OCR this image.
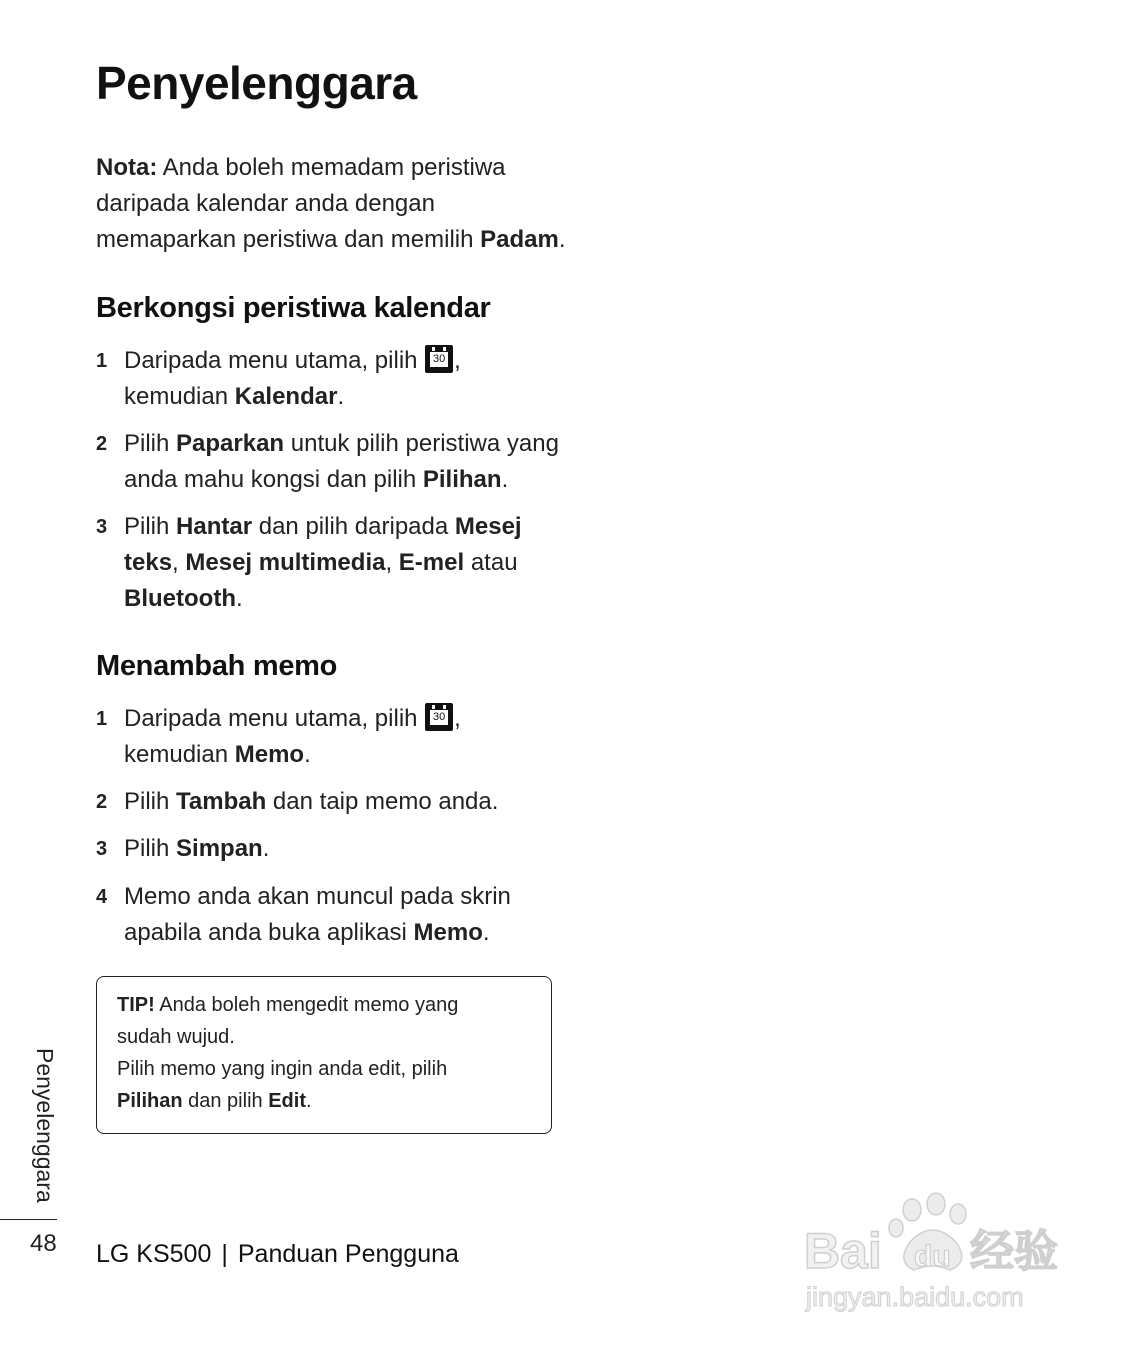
Penyelenggara

Nota: Anda boleh memadam peristiwa daripada kalendar anda dengan memaparkan peristiwa dan memilih Padam.

Berkongsi peristiwa kalendar
1 Daripada menu utama, pilih 30 , kemudian Kalendar.
2 Pilih Paparkan untuk pilih peristiwa yang anda mahu kongsi dan pilih Pilihan.
3 Pilih Hantar dan pilih daripada Mesej teks, Mesej multimedia, E-mel atau Bluetooth.
Menambah memo
1 Daripada menu utama, pilih 30 , kemudian Memo.
2 Pilih Tambah dan taip memo anda.
3 Pilih Simpan.
4 Memo anda akan muncul pada skrin apabila anda buka aplikasi Memo.
TIP! Anda boleh mengedit memo yang sudah wujud.
Pilih memo yang ingin anda edit, pilih Pilihan dan pilih Edit.
Penyelenggara
48 LG KS500 | Panduan Pengguna	Bai du 经验
jingyan.baidu.com
